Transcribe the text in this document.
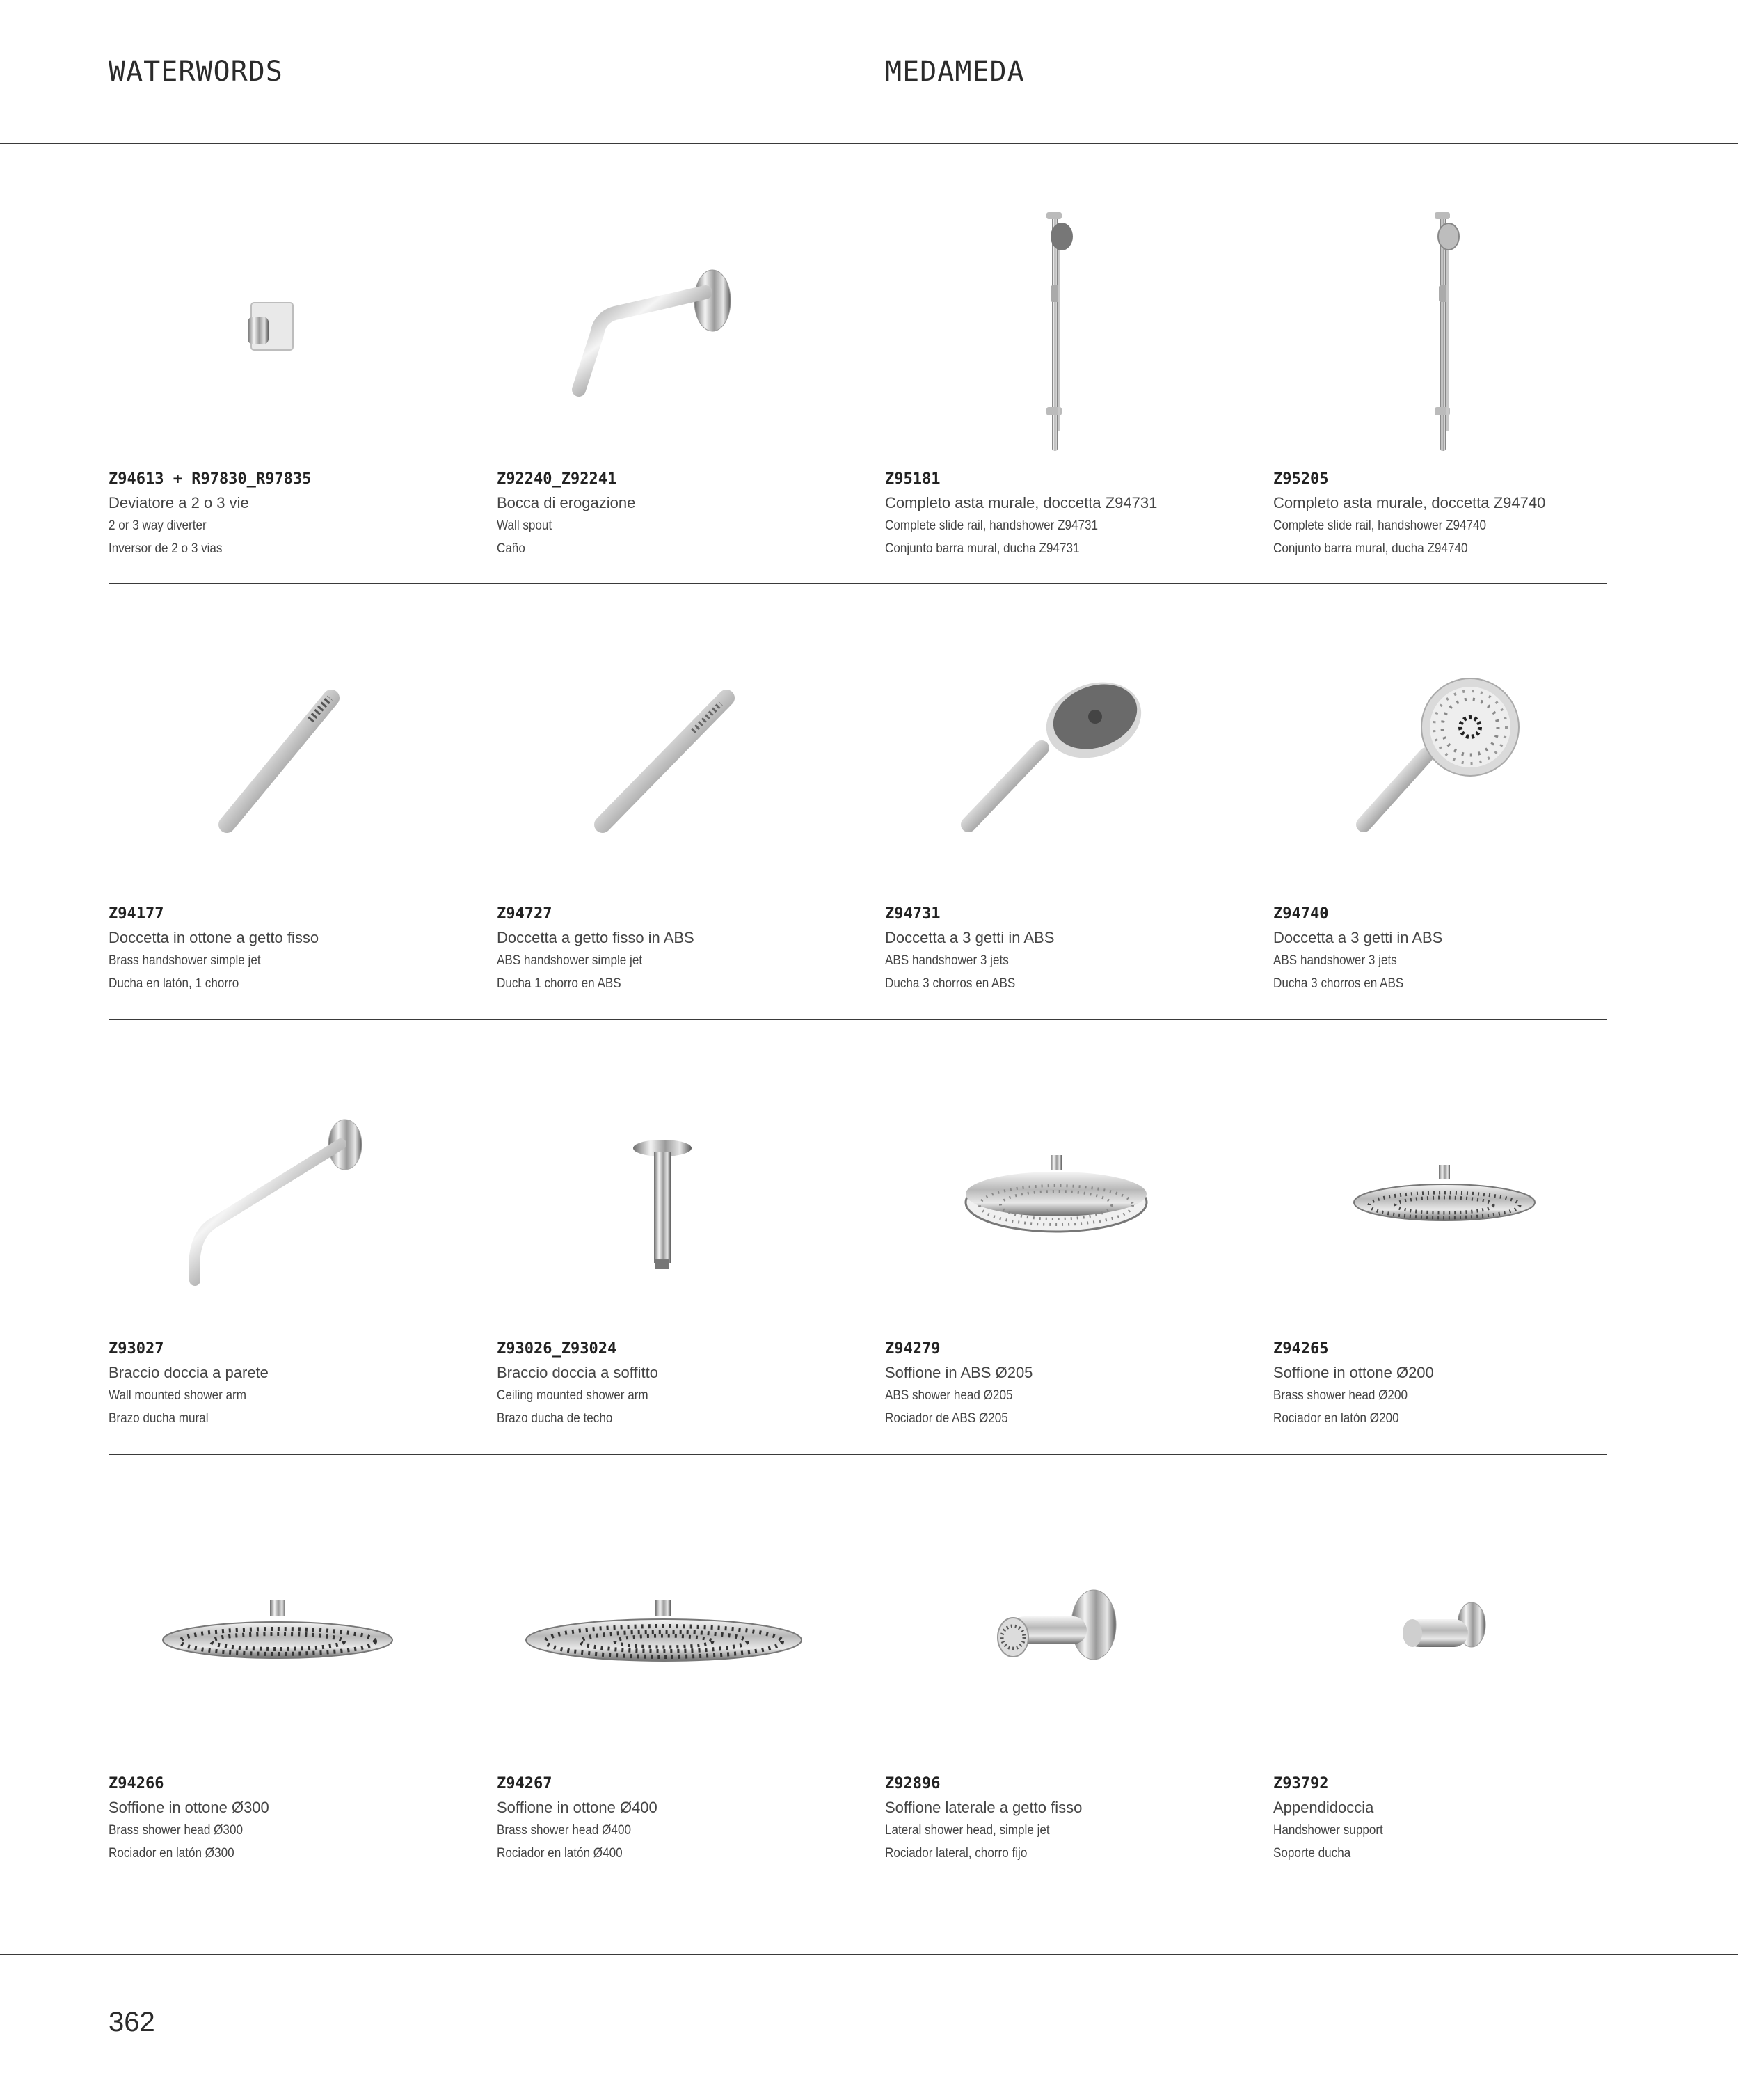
WATERWORDS	MEDAMEDA
Z94613 + R97830_R97835
Deviatore a 2 o 3 vie
2 or 3 way diverter
Inversor de 2 o 3 vias
Z92240_Z92241
Bocca di erogazione
Wall spout
Caño
Z95181
Completo asta murale, doccetta Z94731
Complete slide rail, handshower Z94731
Conjunto barra mural, ducha Z94731
Z95205
Completo asta murale, doccetta Z94740
Complete slide rail, handshower Z94740
Conjunto barra mural, ducha Z94740
Z94177
Doccetta in ottone a getto fisso
Brass handshower simple jet
Ducha en latón, 1 chorro
Z94727
Doccetta a getto fisso in ABS
ABS handshower simple jet
Ducha 1 chorro en ABS
Z94731
Doccetta a 3 getti in ABS
ABS handshower 3 jets
Ducha 3 chorros en ABS
Z94740
Doccetta a 3 getti in ABS
ABS handshower 3 jets
Ducha 3 chorros en ABS
Z93027
Braccio doccia a parete
Wall mounted shower arm
Brazo ducha mural
Z93026_Z93024
Braccio doccia a soffitto
Ceiling mounted shower arm
Brazo ducha de techo
Z94279
Soffione in ABS Ø205
ABS shower head Ø205
Rociador de ABS Ø205
Z94265
Soffione in ottone Ø200
Brass shower head Ø200
Rociador en latón Ø200
Z94266
Soffione in ottone Ø300
Brass shower head Ø300
Rociador en latón Ø300
Z94267
Soffione in ottone Ø400
Brass shower head Ø400
Rociador en latón Ø400
Z92896
Soffione laterale a getto fisso
Lateral shower head, simple jet
Rociador lateral, chorro fijo
Z93792
Appendidoccia
Handshower support
Soporte ducha
362
